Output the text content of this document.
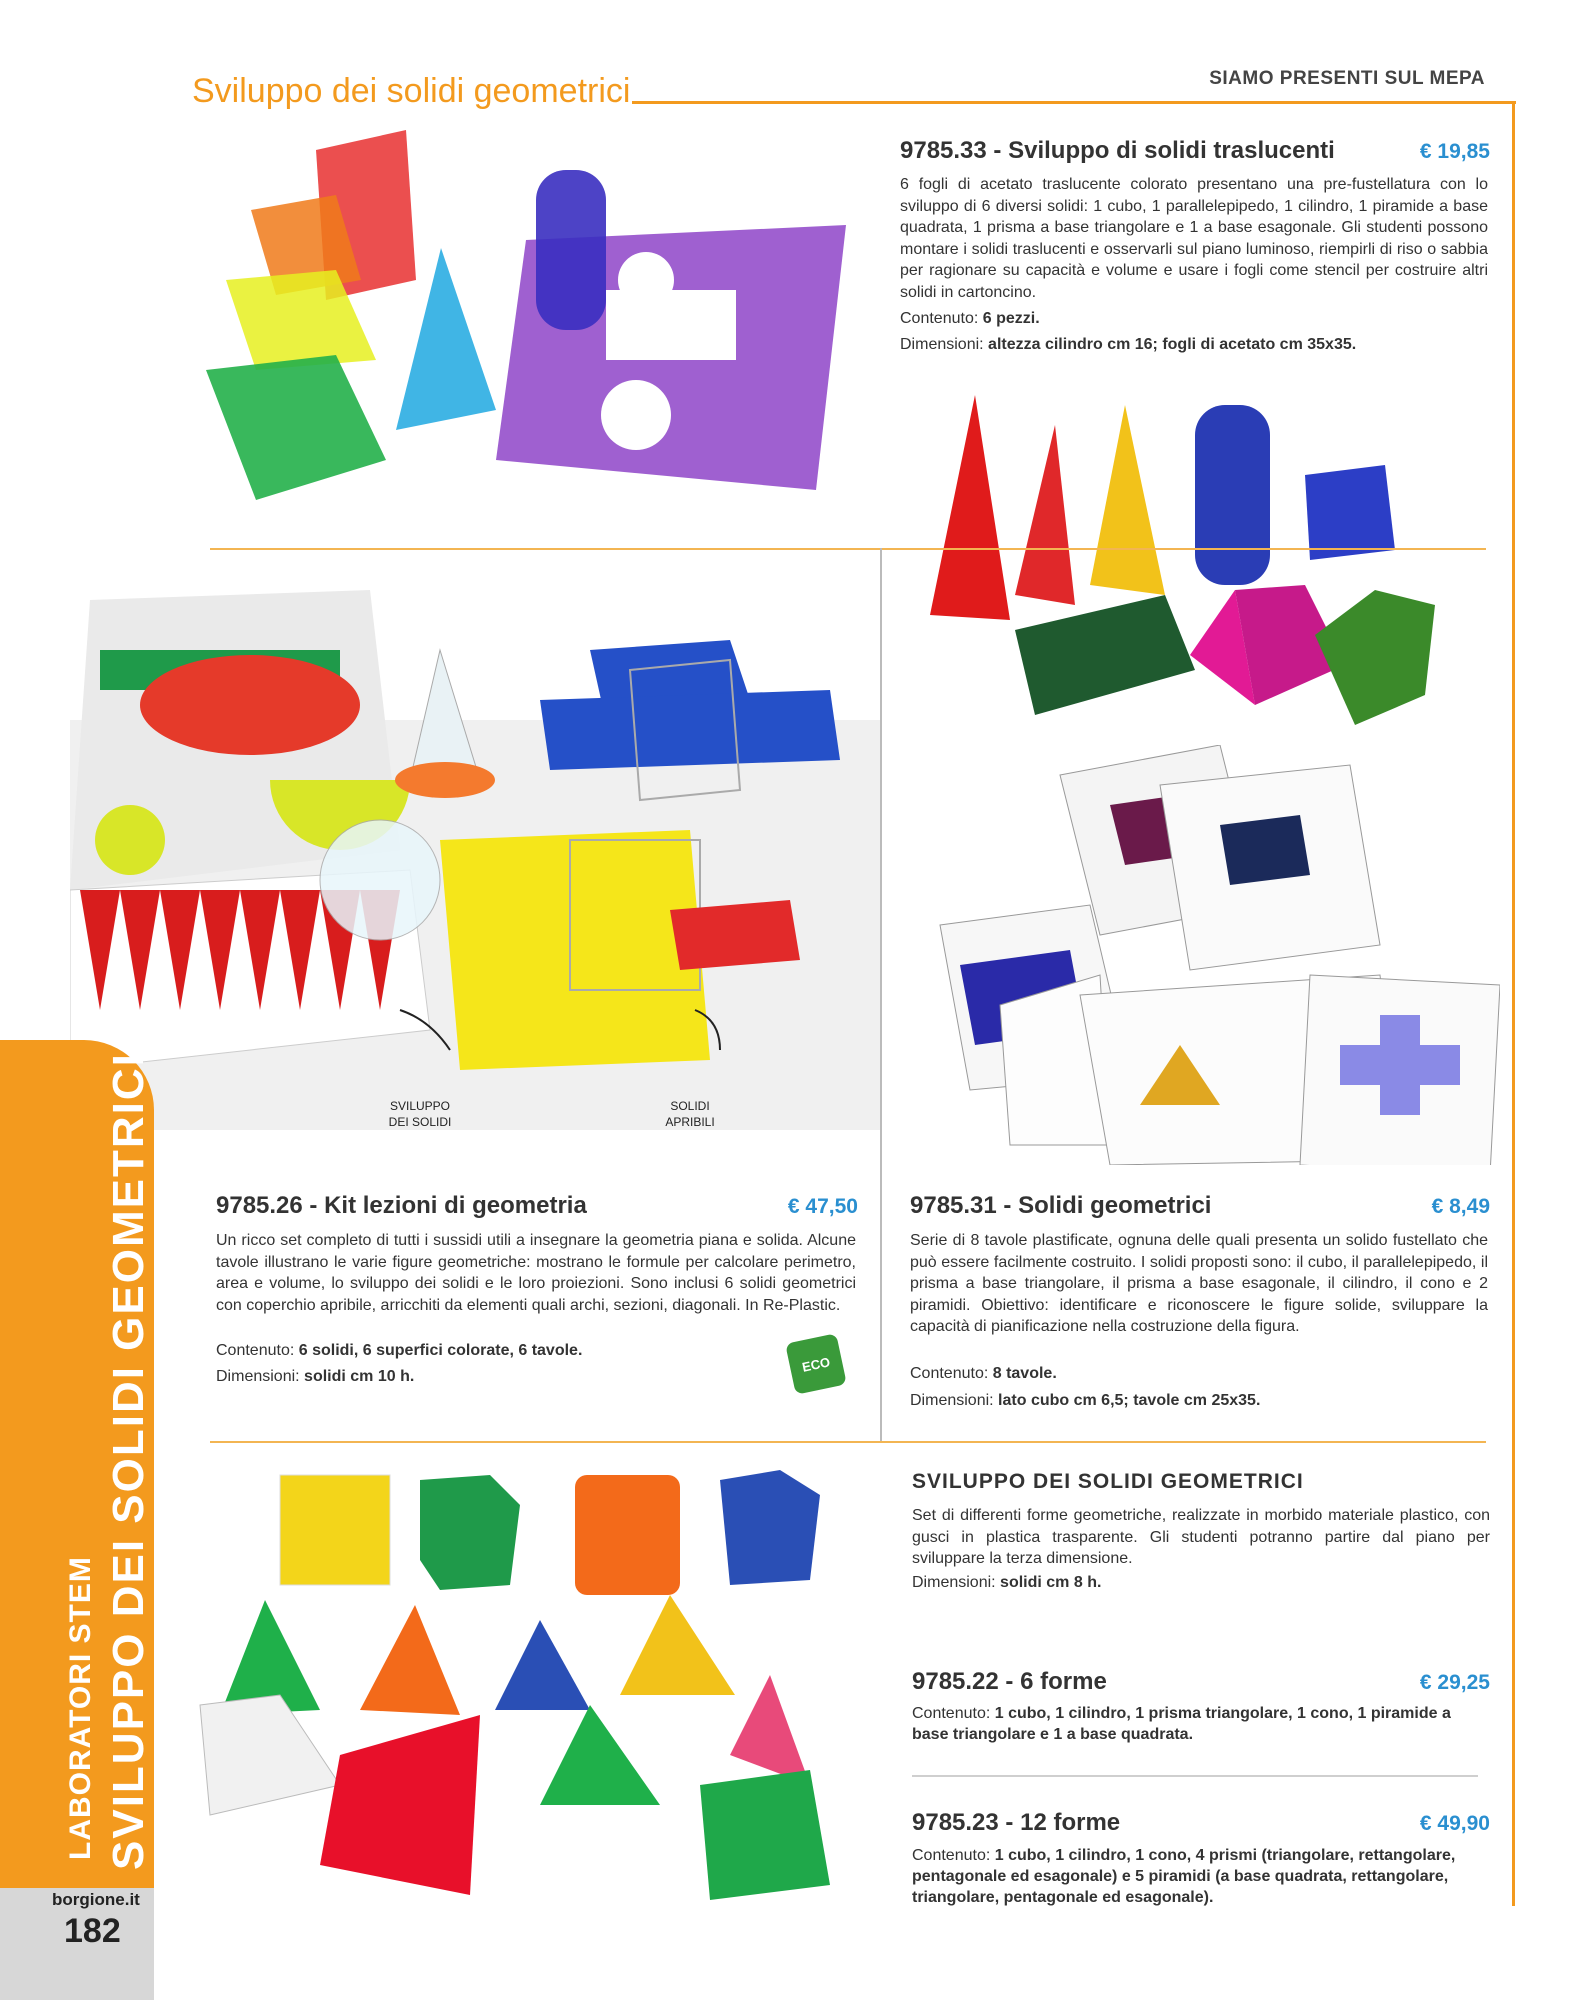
Sviluppo dei solidi geometrici	SIAMO PRESENTI SUL MEPA
9785.33 - Sviluppo di solidi traslucenti	€ 19,85
6 fogli di acetato traslucente colorato presentano una pre-fustellatura con lo sviluppo di 6 diversi solidi: 1 cubo, 1 parallelepipedo, 1 cilindro, 1 piramide a base quadrata, 1 prisma a base triangolare e 1 a base esagonale. Gli studenti possono montare i solidi traslucenti e osservarli sul piano luminoso, riempirli di riso o sabbia per ragionare su capacità e volume e usare i fogli come stencil per costruire altri solidi in cartoncino.
Contenuto: 6 pezzi.
Dimensioni: altezza cilindro cm 16; fogli di acetato cm 35x35.
SVILUPPO
DEI SOLIDI
SOLIDI
APRIBILI
9785.26 - Kit lezioni di geometria	€ 47,50
Un ricco set completo di tutti i sussidi utili a insegnare la geometria piana e solida. Alcune tavole illustrano le varie figure geometriche: mostrano le formule per calcolare perimetro, area e volume, lo sviluppo dei solidi e le loro proiezioni. Sono inclusi 6 solidi geometrici con coperchio apribile, arricchiti da elementi quali archi, sezioni, diagonali. In Re-Plastic.
Contenuto: 6 solidi, 6 superfici colorate, 6 tavole.
Dimensioni: solidi cm 10 h.
ECO
9785.31 - Solidi geometrici	€ 8,49
Serie di 8 tavole plastificate, ognuna delle quali presenta un solido fustellato che può essere facilmente costruito. I solidi proposti sono: il cubo, il parallelepipedo, il prisma a base triangolare, il prisma a base esagonale, il cilindro, il cono e 2 piramidi. Obiettivo: identificare e riconoscere le figure solide, sviluppare la capacità di pianificazione nella costruzione della figura.
Contenuto: 8 tavole.
Dimensioni: lato cubo cm 6,5; tavole cm 25x35.
SVILUPPO DEI SOLIDI GEOMETRICI
Set di differenti forme geometriche, realizzate in morbido materiale plastico, con gusci in plastica trasparente. Gli studenti potranno partire dal piano per sviluppare la terza dimensione.
Dimensioni: solidi cm 8 h.
9785.22 - 6 forme	€ 29,25
Contenuto: 1 cubo, 1 cilindro, 1 prisma triangolare, 1 cono, 1 piramide a base triangolare e 1 a base quadrata.
9785.23 - 12 forme	€ 49,90
Contenuto: 1 cubo, 1 cilindro, 1 cono, 4 prismi (triangolare, rettangolare, pentagonale ed esagonale) e 5 piramidi (a base quadrata, rettangolare, triangolare, pentagonale ed esagonale).
LABORATORI STEM SVILUPPO DEI SOLIDI GEOMETRICI
borgione.it
182
